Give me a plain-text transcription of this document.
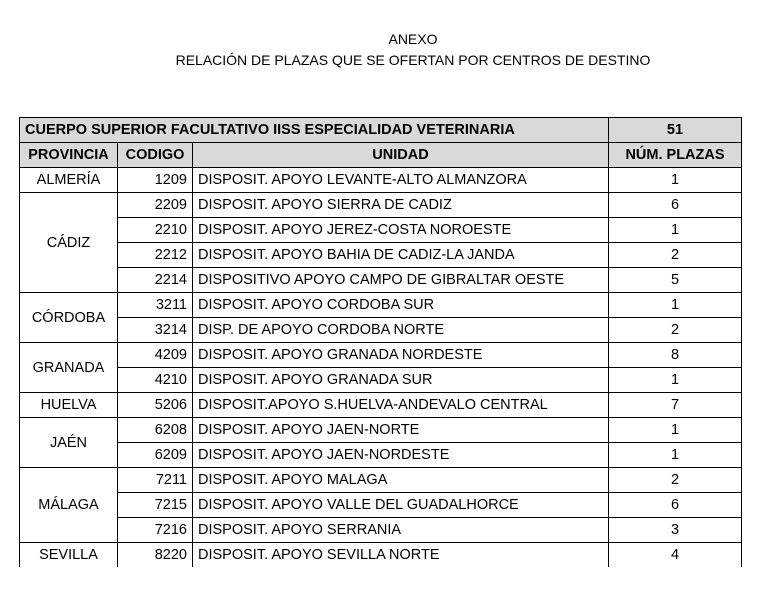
ANEXO
RELACIÓN DE PLAZAS QUE SE OFERTAN POR CENTROS DE DESTINO
CUERPO SUPERIOR FACULTATIVO IISS ESPECIALIDAD VETERINARIA			51
PROVINCIA	CODIGO	UNIDAD	NÚM. PLAZAS
ALMERÍA	1209	DISPOSIT. APOYO LEVANTE-ALTO ALMANZORA	1
CÁDIZ	2209	DISPOSIT. APOYO SIERRA DE CADIZ	6
	2210	DISPOSIT. APOYO JEREZ-COSTA NOROESTE	1
	2212	DISPOSIT. APOYO BAHIA DE CADIZ-LA JANDA	2
	2214	DISPOSITIVO APOYO CAMPO DE GIBRALTAR OESTE	5
CÓRDOBA	3211	DISPOSIT. APOYO CORDOBA SUR	1
	3214	DISP. DE APOYO CORDOBA NORTE	2
GRANADA	4209	DISPOSIT. APOYO GRANADA NORDESTE	8
	4210	DISPOSIT. APOYO GRANADA SUR	1
HUELVA	5206	DISPOSIT.APOYO S.HUELVA-ANDEVALO CENTRAL	7
JAÉN	6208	DISPOSIT. APOYO JAEN-NORTE	1
	6209	DISPOSIT. APOYO JAEN-NORDESTE	1
MÁLAGA	7211	DISPOSIT. APOYO MALAGA	2
	7215	DISPOSIT. APOYO VALLE DEL GUADALHORCE	6
	7216	DISPOSIT. APOYO SERRANIA	3
SEVILLA	8220	DISPOSIT. APOYO SEVILLA NORTE	4
